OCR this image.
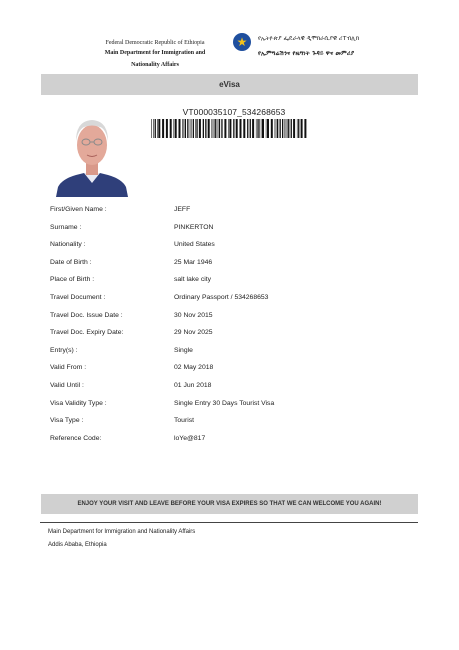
Federal Democratic Republic of Ethiopia
Main Department for Immigration and
Nationality Affairs
★
የኢትዮጵያ ፌዴራላዊ ዲሞክራሲያዊ ሪፐብሊክ
የኢምግሬሽንና የዜግነት ጉዳይ ዋና መምሪያ
eVisa
VT000035107_534268653
First/Given Name :	JEFF
Surname :	PINKERTON
Nationality :	United States
Date of Birth :	25 Mar 1946
Place of Birth :	salt lake city
Travel Document :	Ordinary Passport / 534268653
Travel Doc. Issue Date :	30 Nov 2015
Travel Doc. Expiry Date:	29 Nov 2025
Entry(s) :	Single
Valid From :	02 May 2018
Valid Until :	01 Jun 2018
Visa Validity Type :	Single Entry 30 Days Tourist Visa
Visa Type :	Tourist
Reference Code:	loYe@817
ENJOY YOUR VISIT AND LEAVE BEFORE YOUR VISA EXPIRES SO THAT WE CAN WELCOME YOU AGAIN!
Main Department for Immigration and Nationality Affairs
Addis Ababa, Ethiopia
